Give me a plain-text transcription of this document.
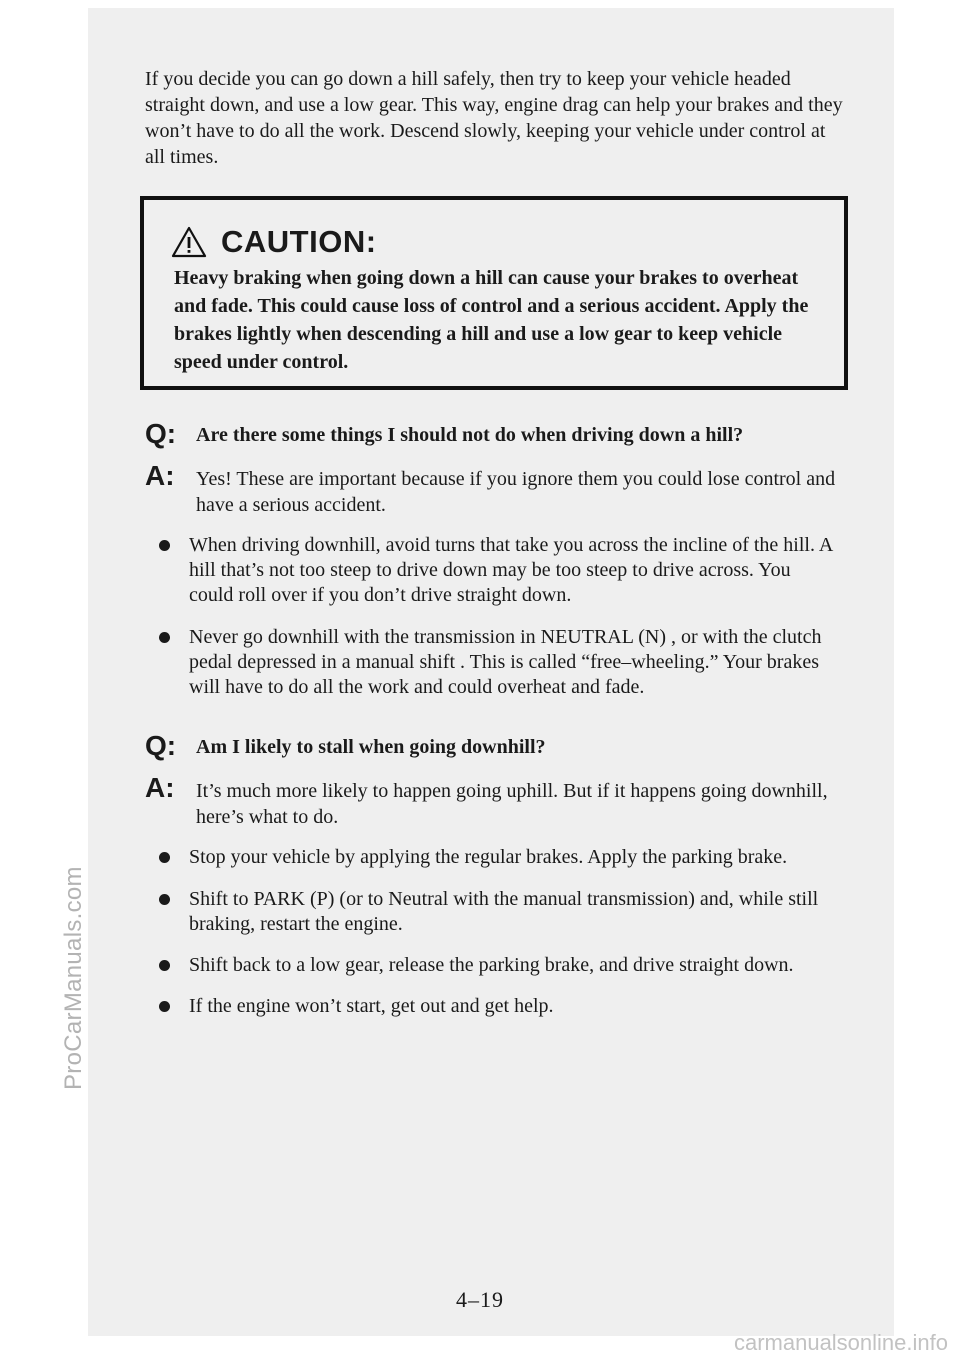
ProCarManuals.com

If you decide you can go down a hill safely, then try to keep your vehicle headed straight down, and use a low gear. This way, engine drag can help your brakes and they won’t have to do all the work. Descend slowly, keeping your vehicle under control at all times.

CAUTION:

Heavy braking when going down a hill can cause your brakes to overheat and fade. This could cause loss of control and a serious accident. Apply the brakes lightly when descending a hill and use a low gear to keep vehicle speed under control.

Q: Are there some things I should not do when driving down a hill?
A: Yes! These are important because if you ignore them you could lose control and have a serious accident.
When driving downhill, avoid turns that take you across the incline of the hill. A hill that’s not too steep to drive down may be too steep to drive across. You could roll over if you don’t drive straight down.
Never go downhill with the transmission in NEUTRAL (N) , or with the clutch pedal depressed in a manual shift . This is called “free–wheeling.” Your brakes will have to do all the work and could overheat and fade.
Q: Am I likely to stall when going downhill?
A: It’s much more likely to happen going uphill. But if it happens going downhill, here’s what to do.
Stop your vehicle by applying the regular brakes. Apply the parking brake.
Shift to PARK (P) (or to Neutral with the manual transmission) and, while still braking, restart the engine.
Shift back to a low gear, release the parking brake, and drive straight down.
If the engine won’t start, get out and get help.
4–19
carmanualsonline.info
